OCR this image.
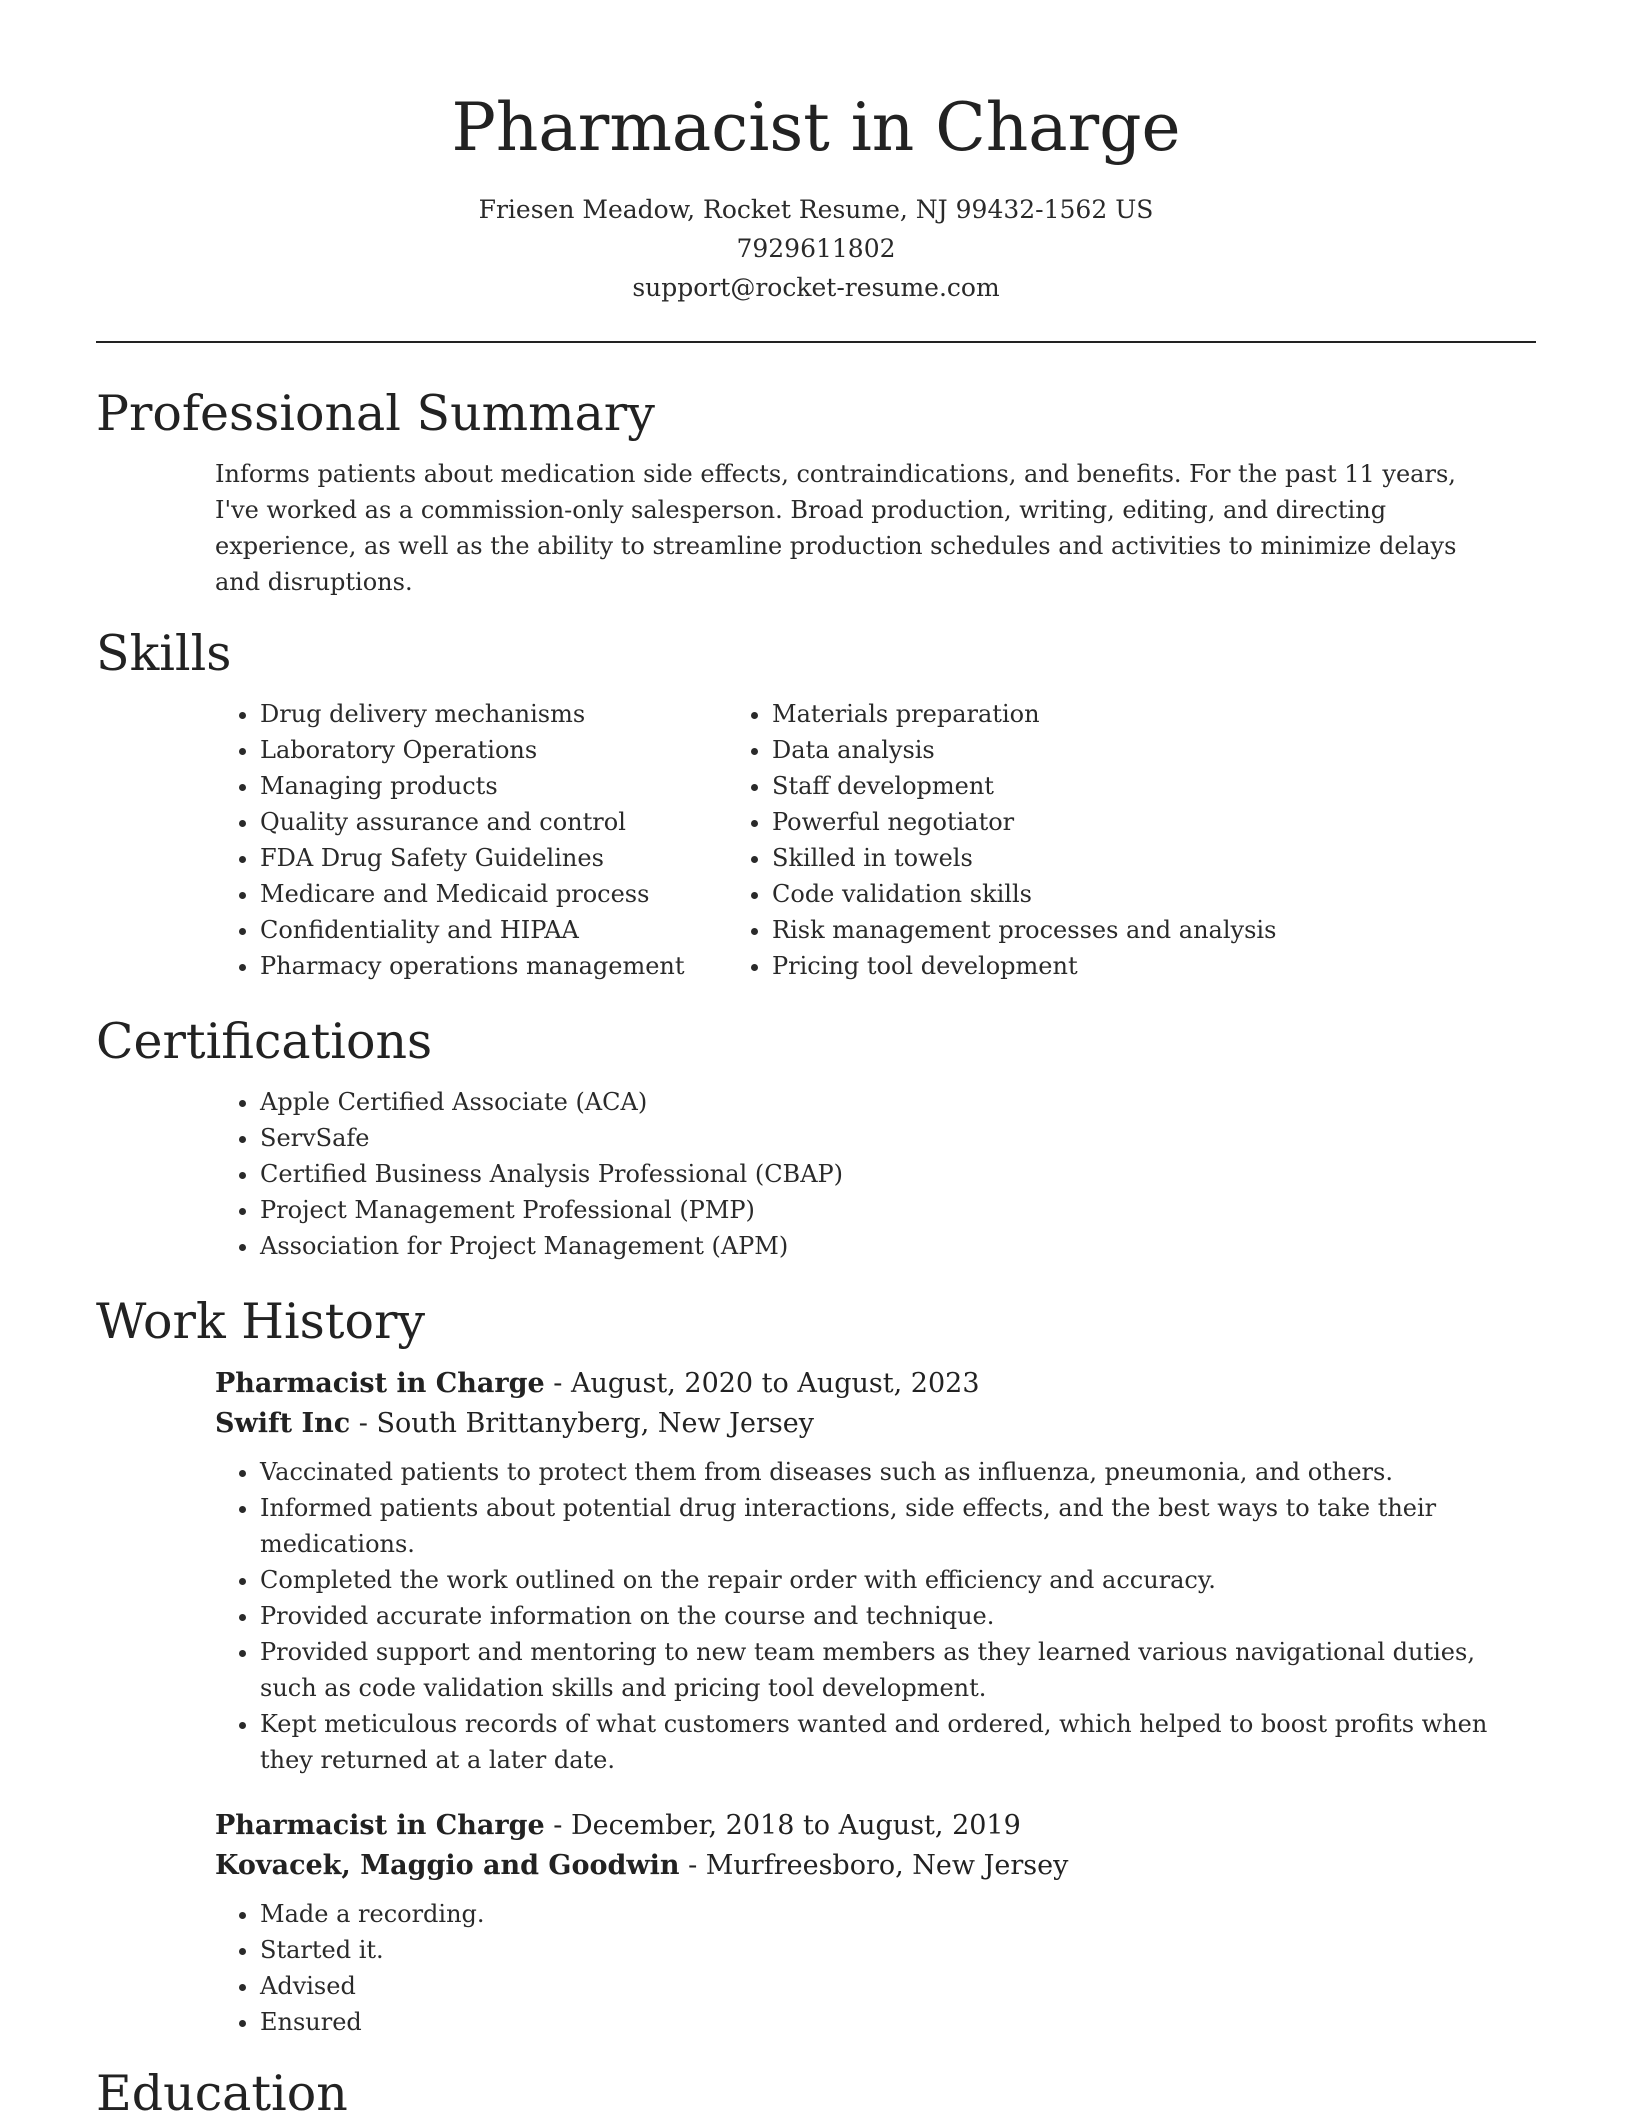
Pharmacist in Charge
Friesen Meadow, Rocket Resume, NJ 99432-1562 US
7929611802
support@rocket-resume.com
Professional Summary
Informs patients about medication side effects, contraindications, and benefits. For the past 11 years, I've worked as a commission-only salesperson. Broad production, writing, editing, and directing experience, as well as the ability to streamline production schedules and activities to minimize delays and disruptions.
Skills
• Drug delivery mechanisms
• Laboratory Operations
• Managing products
• Quality assurance and control
• FDA Drug Safety Guidelines
• Medicare and Medicaid process
• Confidentiality and HIPAA
• Pharmacy operations management
• Materials preparation
• Data analysis
• Staff development
• Powerful negotiator
• Skilled in towels
• Code validation skills
• Risk management processes and analysis
• Pricing tool development
Certifications
• Apple Certified Associate (ACA)
• ServSafe
• Certified Business Analysis Professional (CBAP)
• Project Management Professional (PMP)
• Association for Project Management (APM)
Work History
Pharmacist in Charge - August, 2020 to August, 2023
Swift Inc - South Brittanyberg, New Jersey
• Vaccinated patients to protect them from diseases such as influenza, pneumonia, and others.
• Informed patients about potential drug interactions, side effects, and the best ways to take their medications.
• Completed the work outlined on the repair order with efficiency and accuracy.
• Provided accurate information on the course and technique.
• Provided support and mentoring to new team members as they learned various navigational duties, such as code validation skills and pricing tool development.
• Kept meticulous records of what customers wanted and ordered, which helped to boost profits when they returned at a later date.
Pharmacist in Charge - December, 2018 to August, 2019
Kovacek, Maggio and Goodwin - Murfreesboro, New Jersey
• Made a recording.
• Started it.
• Advised
• Ensured
Education
